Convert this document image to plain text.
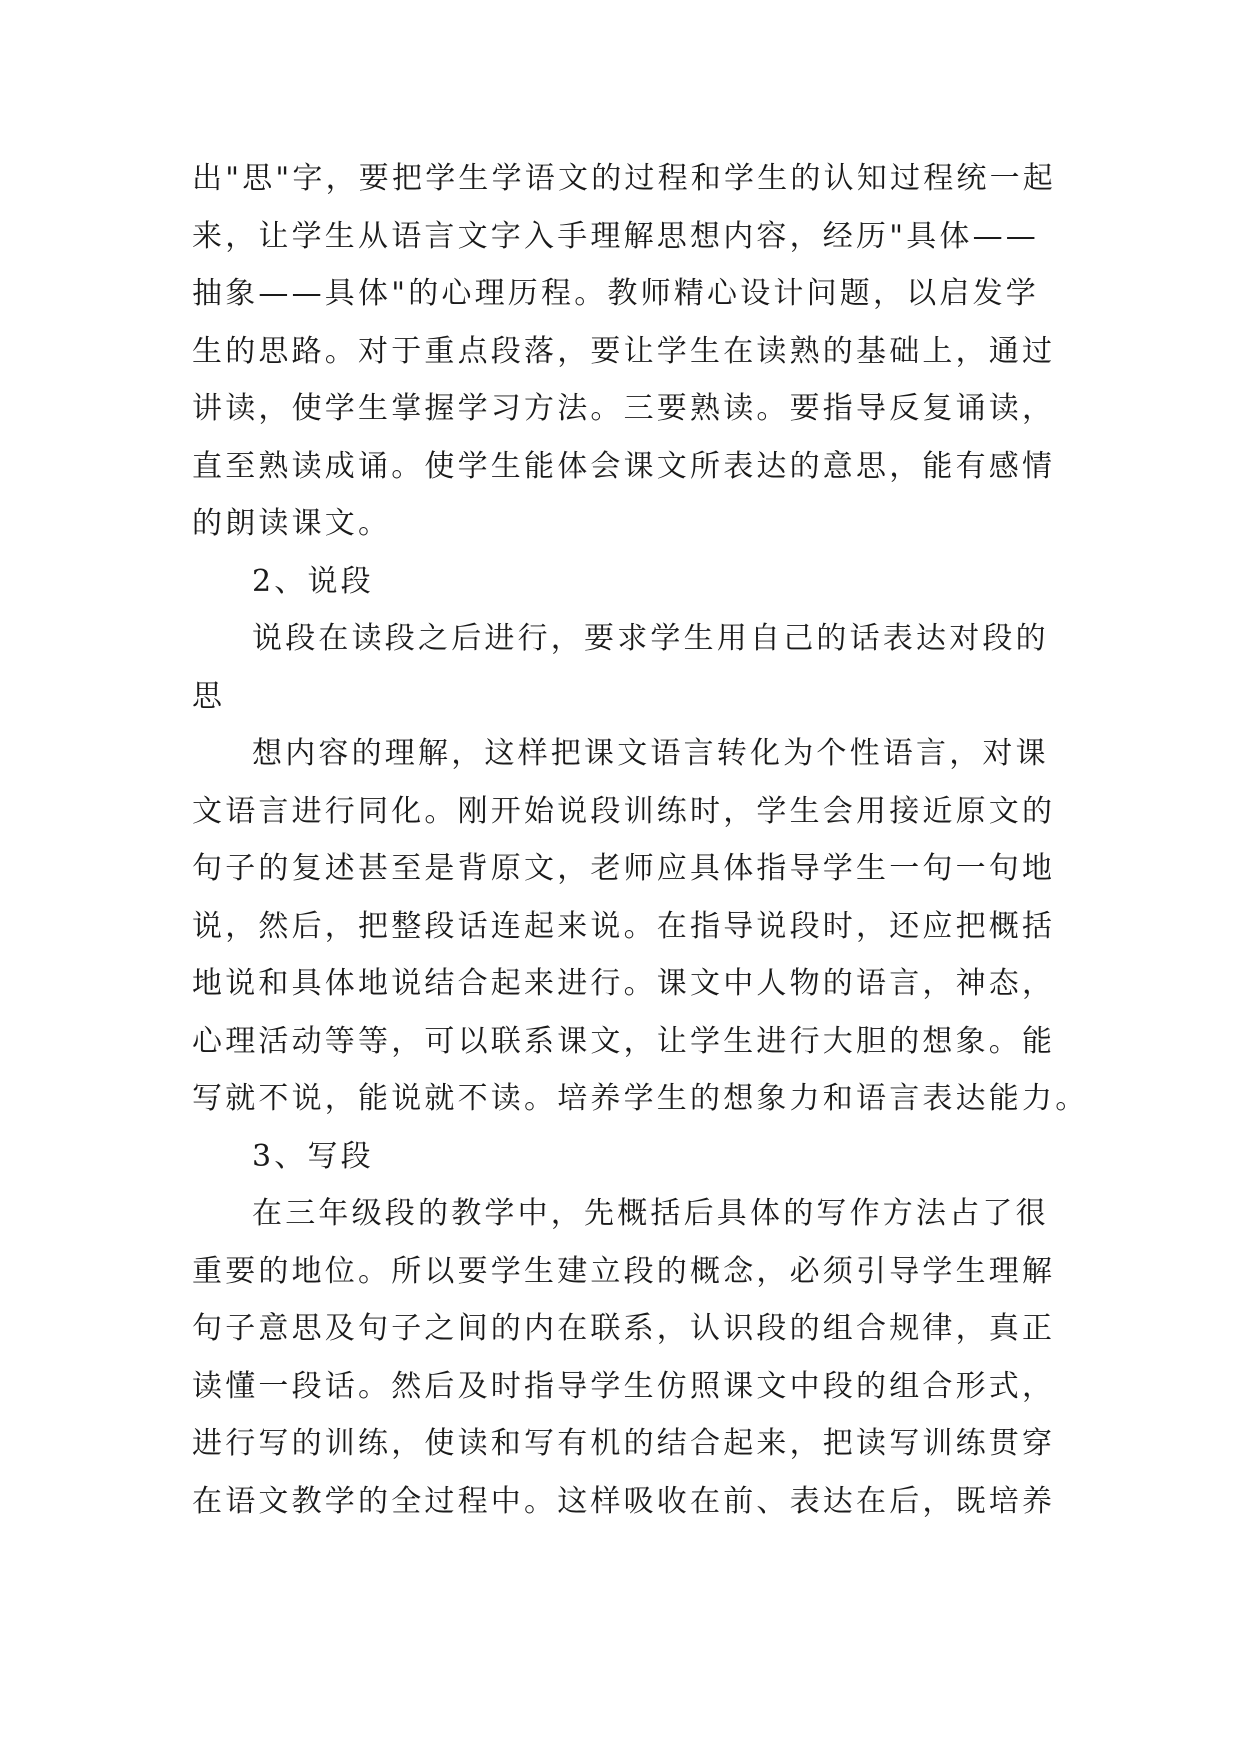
出"思"字，要把学生学语文的过程和学生的认知过程统一起

来，让学生从语言文字入手理解思想内容，经历"具体——

抽象——具体"的心理历程。教师精心设计问题，以启发学

生的思路。对于重点段落，要让学生在读熟的基础上，通过

讲读，使学生掌握学习方法。三要熟读。要指导反复诵读，

直至熟读成诵。使学生能体会课文所表达的意思，能有感情

的朗读课文。

2、说段

说段在读段之后进行，要求学生用自己的话表达对段的

思

想内容的理解，这样把课文语言转化为个性语言，对课

文语言进行同化。刚开始说段训练时，学生会用接近原文的

句子的复述甚至是背原文，老师应具体指导学生一句一句地

说，然后，把整段话连起来说。在指导说段时，还应把概括

地说和具体地说结合起来进行。课文中人物的语言，神态，

心理活动等等，可以联系课文，让学生进行大胆的想象。能

写就不说，能说就不读。培养学生的想象力和语言表达能力。

3、写段

在三年级段的教学中，先概括后具体的写作方法占了很

重要的地位。所以要学生建立段的概念，必须引导学生理解

句子意思及句子之间的内在联系，认识段的组合规律，真正

读懂一段话。然后及时指导学生仿照课文中段的组合形式，

进行写的训练，使读和写有机的结合起来，把读写训练贯穿

在语文教学的全过程中。这样吸收在前、表达在后，既培养
